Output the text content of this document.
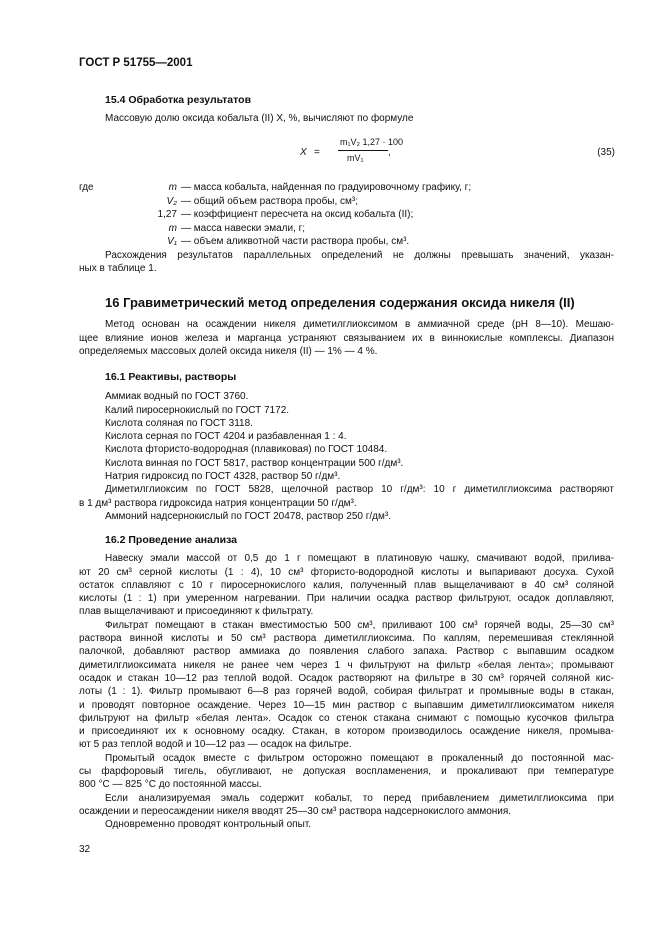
ГОСТ Р 51755—2001
15.4 Обработка результатов
Массовую долю оксида кобальта (II) X, %, вычисляют по формуле
X =
m₁V₂ 1,27 · 100
mV₁ ,	(35)
где	m — масса кобальта, найденная по градуировочному графику, г;
V₂ — общий объем раствора пробы, см³;
1,27 — коэффициент пересчета на оксид кобальта (II);
m — масса навески эмали, г;
V₁ — объем аликвотной части раствора пробы, см³.
Расхождения результатов параллельных определений не должны превышать значений, указан-
ных в таблице 1.
16 Гравиметрический метод определения содержания оксида никеля (II)
Метод основан на осаждении никеля диметилглиоксимом в аммиачной среде (pH 8—10). Мешаю-
щее влияние ионов железа и марганца устраняют связыванием их в виннокислые комплексы. Диапазон
определяемых массовых долей оксида никеля (II) — 1% — 4 %.
16.1 Реактивы, растворы
Аммиак водный по ГОСТ 3760.
Калий пиросернокислый по ГОСТ 7172.
Кислота соляная по ГОСТ 3118.
Кислота серная по ГОСТ 4204 и разбавленная 1 : 4.
Кислота фтористо-водородная (плавиковая) по ГОСТ 10484.
Кислота винная по ГОСТ 5817, раствор концентрации 500 г/дм³.
Натрия гидроксид по ГОСТ 4328, раствор 50 г/дм³.
Диметилглиоксим по ГОСТ 5828, щелочной раствор 10 г/дм³: 10 г диметилглиоксима растворяют
в 1 дм³ раствора гидроксида натрия концентрации 50 г/дм³.
Аммоний надсернокислый по ГОСТ 20478, раствор 250 г/дм³.
16.2 Проведение анализа
Навеску эмали массой от 0,5 до 1 г помещают в платиновую чашку, смачивают водой, прилива-
ют 20 см³ серной кислоты (1 : 4), 10 см³ фтористо-водородной кислоты и выпаривают досуха. Сухой
остаток сплавляют с 10 г пиросернокислого калия, полученный плав выщелачивают в 40 см³ соляной
кислоты (1 : 1) при умеренном нагревании. При наличии осадка раствор фильтруют, осадок доплавляют,
плав выщелачивают и присоединяют к фильтрату.
Фильтрат помещают в стакан вместимостью 500 см³, приливают 100 см³ горячей воды, 25—30 см³
раствора винной кислоты и 50 см³ раствора диметилглиоксима. По каплям, перемешивая стеклянной
палочкой, добавляют раствор аммиака до появления слабого запаха. Раствор с выпавшим осадком
диметилглиоксимата никеля не ранее чем через 1 ч фильтруют на фильтр «белая лента»; промывают
осадок и стакан 10—12 раз теплой водой. Осадок растворяют на фильтре в 30 см³ горячей соляной кис-
лоты (1 : 1). Фильтр промывают 6—8 раз горячей водой, собирая фильтрат и промывные воды в стакан,
и проводят повторное осаждение. Через 10—15 мин раствор с выпавшим диметилглиоксиматом никеля
фильтруют на фильтр «белая лента». Осадок со стенок стакана снимают с помощью кусочков фильтра
и присоединяют их к основному осадку. Стакан, в котором производилось осаждение никеля, промыва-
ют 5 раз теплой водой и 10—12 раз — осадок на фильтре.
Промытый осадок вместе с фильтром осторожно помещают в прокаленный до постоянной мас-
сы фарфоровый тигель, обугливают, не допуская воспламенения, и прокаливают при температуре
800 °С — 825 °С до постоянной массы.
Если анализируемая эмаль содержит кобальт, то перед прибавлением диметилглиоксима при
осаждении и переосаждении никеля вводят 25—30 см³ раствора надсернокислого аммония.
Одновременно проводят контрольный опыт.
32
